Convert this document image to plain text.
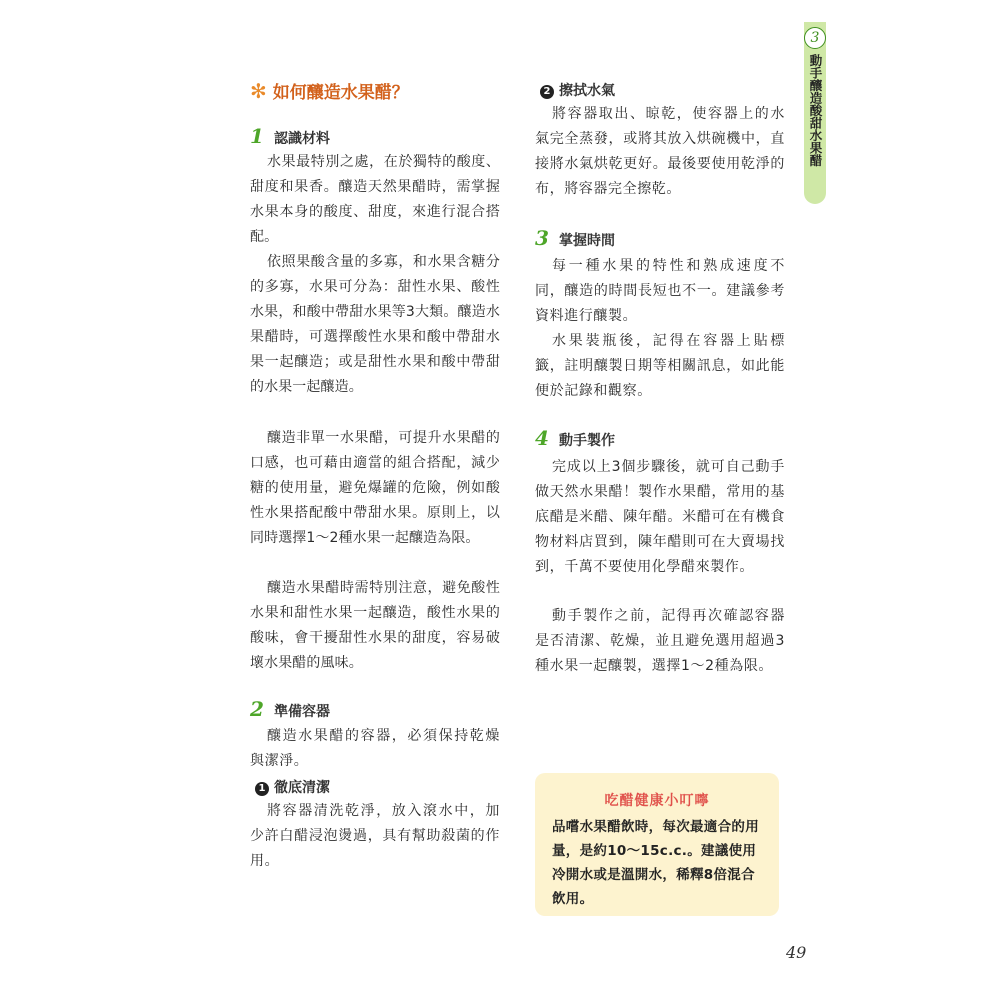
✻ 如何釀造水果醋？
1 認識材料

水果最特別之處，在於獨特的酸度、甜度和果香。釀造天然果醋時，需掌握水果本身的酸度、甜度，來進行混合搭配。

依照果酸含量的多寡，和水果含糖分的多寡，水果可分為：甜性水果、酸性水果，和酸中帶甜水果等3大類。釀造水果醋時，可選擇酸性水果和酸中帶甜水果一起釀造；或是甜性水果和酸中帶甜的水果一起釀造。

釀造非單一水果醋，可提升水果醋的口感，也可藉由適當的組合搭配，減少糖的使用量，避免爆罐的危險，例如酸性水果搭配酸中帶甜水果。原則上，以同時選擇1～2種水果一起釀造為限。

釀造水果醋時需特別注意，避免酸性水果和甜性水果一起釀造，酸性水果的酸味，會干擾甜性水果的甜度，容易破壞水果醋的風味。

2 準備容器

釀造水果醋的容器，必須保持乾燥與潔淨。

1 徹底清潔

將容器清洗乾淨，放入滾水中，加少許白醋浸泡燙過，具有幫助殺菌的作用。

2 擦拭水氣

將容器取出、晾乾，使容器上的水氣完全蒸發，或將其放入烘碗機中，直接將水氣烘乾更好。最後要使用乾淨的布，將容器完全擦乾。

3 掌握時間

每一種水果的特性和熟成速度不同，釀造的時間長短也不一。建議參考資料進行釀製。

水果裝瓶後，記得在容器上貼標籤，註明釀製日期等相關訊息，如此能便於記錄和觀察。

4 動手製作

完成以上3個步驟後，就可自己動手做天然水果醋！製作水果醋，常用的基底醋是米醋、陳年醋。米醋可在有機食物材料店買到，陳年醋則可在大賣場找到，千萬不要使用化學醋來製作。

動手製作之前，記得再次確認容器是否清潔、乾燥，並且避免選用超過3種水果一起釀製，選擇1～2種為限。

吃醋健康小叮嚀

品嚐水果醋飲時，每次最適合的用量，是約10～15c.c.。建議使用冷開水或是溫開水，稀釋8倍混合飲用。

3
動手釀造酸甜水果醋
49
